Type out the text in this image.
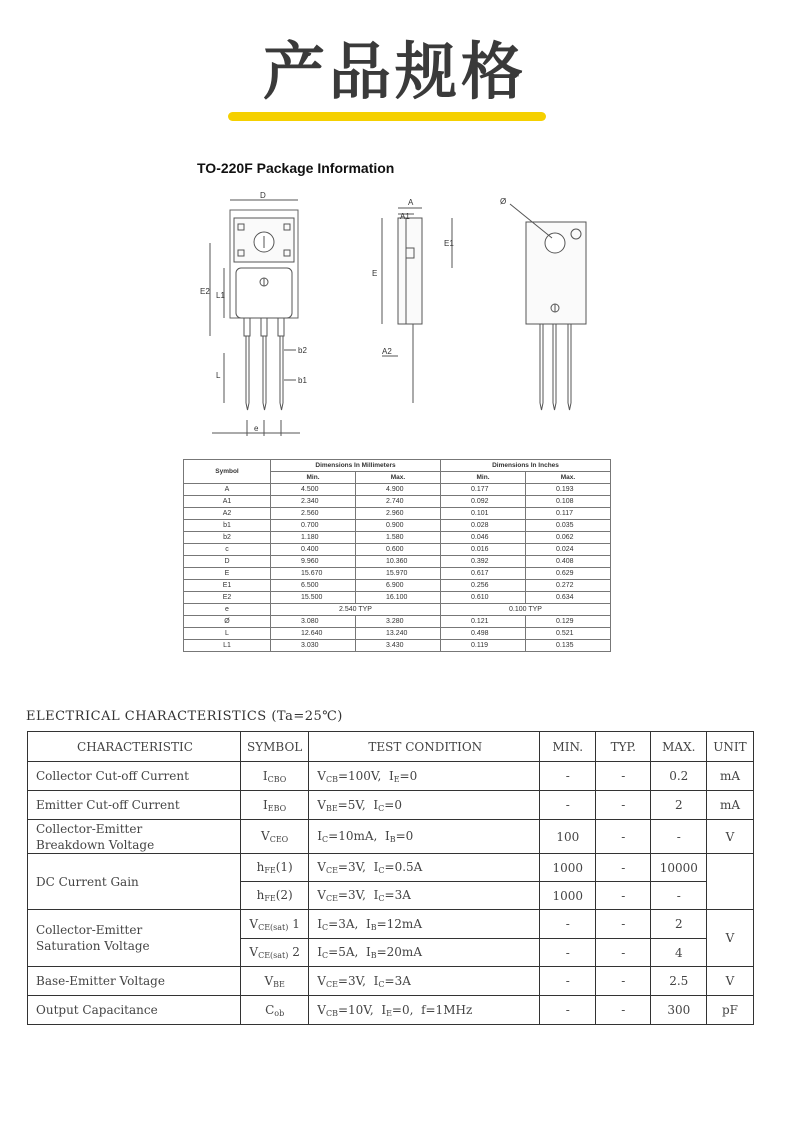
产品规格
TO-220F Package Information
D
E2 L1
L
b2
b1
e
A
A1
E
E1
A2
Ø
Symbol	Dimensions In Millimeters		Dimensions In Inches	
	Min.	Max.	Min.	Max.
A	4.500	4.900	0.177	0.193
A1	2.340	2.740	0.092	0.108
A2	2.560	2.960	0.101	0.117
b1	0.700	0.900	0.028	0.035
b2	1.180	1.580	0.046	0.062
c	0.400	0.600	0.016	0.024
D	9.960	10.360	0.392	0.408
E	15.670	15.970	0.617	0.629
E1	6.500	6.900	0.256	0.272
E2	15.500	16.100	0.610	0.634
e	2.540 TYP		0.100 TYP	
Ø	3.080	3.280	0.121	0.129
L	12.640	13.240	0.498	0.521
L1	3.030	3.430	0.119	0.135
ELECTRICAL CHARACTERISTICS (Ta=25℃)
CHARACTERISTIC	SYMBOL	TEST CONDITION	MIN.	TYP.	MAX.	UNIT
Collector Cut-off Current	$I_{CBO}$	$V_{CB}=100V$, $I_E=0$	-	-	0.2	mA
Emitter Cut-off Current	$I_{EBO}$	$V_{BE}=5V$, $I_C=0$	-	-	2	mA
Collector-Emitter
Breakdown Voltage	$V_{CEO}$	$I_C=10mA$, $I_B=0$	100	-	-	V
DC Current Gain	$h_{FE}(1)$	$V_{CE}=3V$, $I_C=0.5A$	1000	-	10000	
	$h_{FE}(2)$	$V_{CE}=3V$, $I_C=3A$	1000	-	-	
Collector-Emitter
Saturation Voltage	$V_{CE(sat)}$ 1	$I_C=3A$, $I_B=12mA$	-	-	2	V
	$V_{CE(sat)}$ 2	$I_C=5A$, $I_B=20mA$	-	-	4	
Base-Emitter Voltage	$V_{BE}$	$V_{CE}=3V$, $I_C=3A$	-	-	2.5	V
Output Capacitance	$C_{ob}$	$V_{CB}=10V$, $I_E=0$, f=1MHz	-	-	300	pF
